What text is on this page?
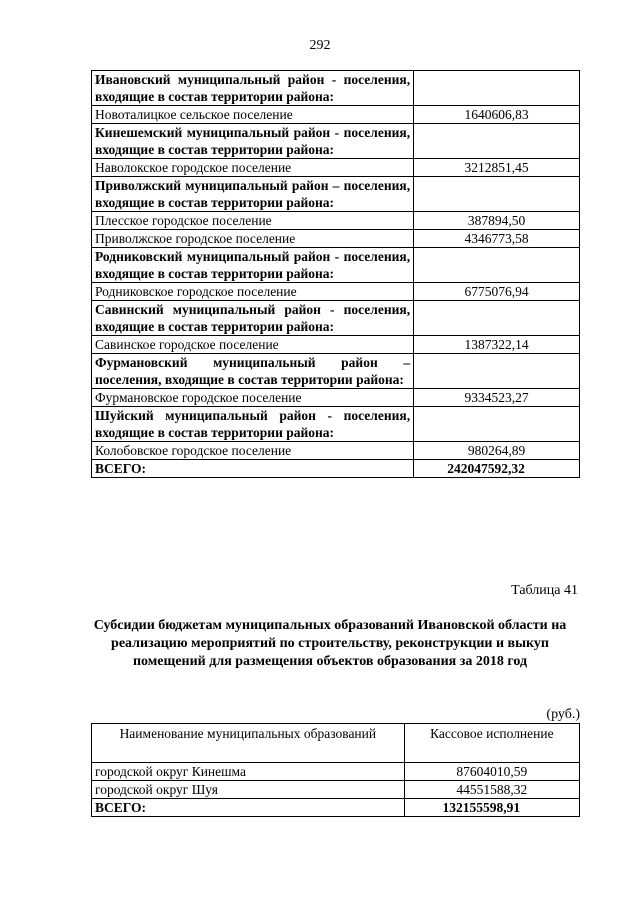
292
Ивановский муниципальный район - поселения, входящие в состав территории района:	
Новоталицкое сельское поселение	1640606,83
Кинешемский муниципальный район - поселения, входящие в состав территории района:	
Наволокское городское поселение	3212851,45
Приволжский муниципальный район – поселения, входящие в состав территории района:	
Плесское городское поселение	387894,50
Приволжское городское поселение	4346773,58
Родниковский муниципальный район - поселения, входящие в состав территории района:	
Родниковское городское поселение	6775076,94
Савинский муниципальный район - поселения, входящие в состав территории района:	
Савинское городское поселение	1387322,14
Фурмановский муниципальный район – поселения, входящие в состав территории района:	
Фурмановское городское поселение	9334523,27
Шуйский муниципальный район - поселения, входящие в состав территории района:	
Колобовское городское поселение	980264,89
ВСЕГО:	242047592,32
Таблица 41
Субсидии бюджетам муниципальных образований Ивановской области на реализацию мероприятий по строительству, реконструкции и выкуп помещений для размещения объектов образования за 2018 год
(руб.)
Наименование муниципальных образований	Кассовое исполнение
городской округ Кинешма	87604010,59
городской округ Шуя	44551588,32
ВСЕГО:	132155598,91
